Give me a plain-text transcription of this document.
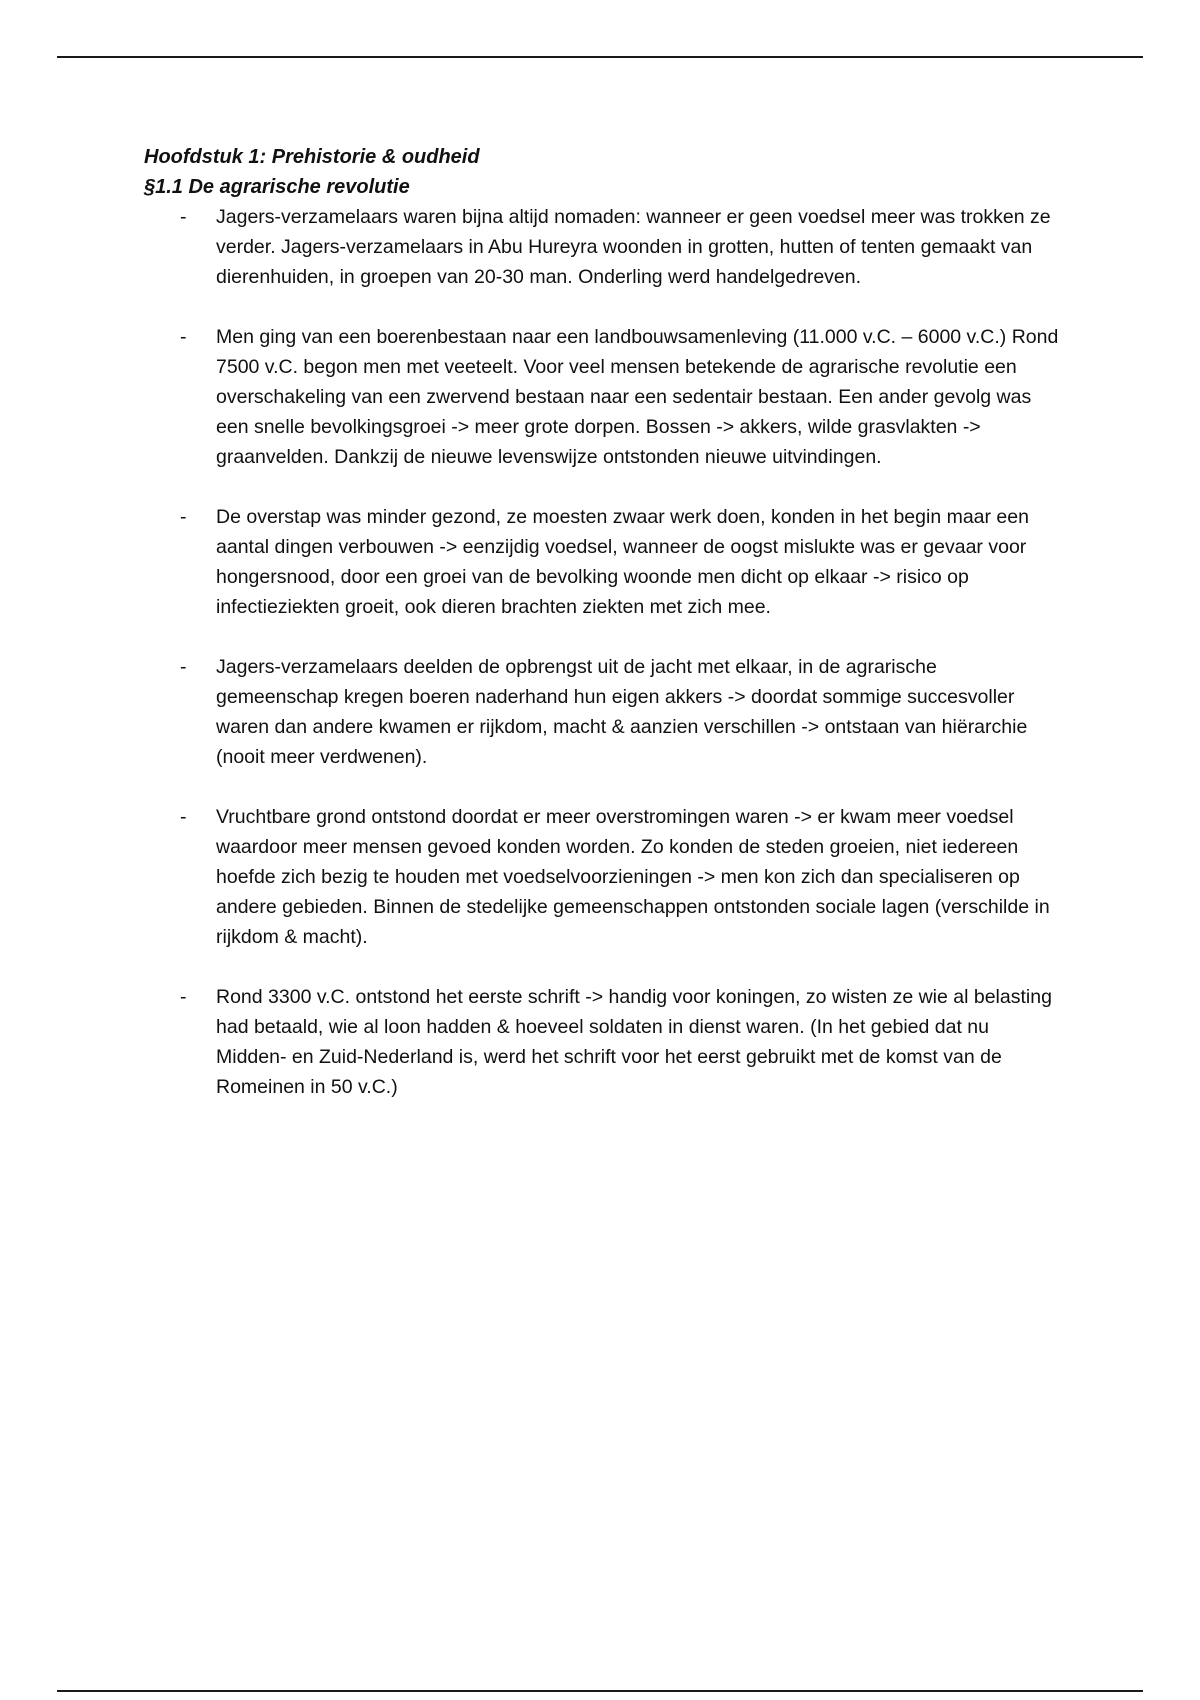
Hoofdstuk 1: Prehistorie & oudheid

§1.1 De agrarische revolutie

- Jagers-verzamelaars waren bijna altijd nomaden: wanneer er geen voedsel meer was trokken ze verder. Jagers-verzamelaars in Abu Hureyra woonden in grotten, hutten of tenten gemaakt van dierenhuiden, in groepen van 20-30 man. Onderling werd handelgedreven.
- Men ging van een boerenbestaan naar een landbouwsamenleving (11.000 v.C. – 6000 v.C.) Rond 7500 v.C. begon men met veeteelt. Voor veel mensen betekende de agrarische revolutie een overschakeling van een zwervend bestaan naar een sedentair bestaan. Een ander gevolg was een snelle bevolkingsgroei -> meer grote dorpen. Bossen -> akkers, wilde grasvlakten -> graanvelden. Dankzij de nieuwe levenswijze ontstonden nieuwe uitvindingen.
- De overstap was minder gezond, ze moesten zwaar werk doen, konden in het begin maar een aantal dingen verbouwen -> eenzijdig voedsel, wanneer de oogst mislukte was er gevaar voor hongersnood, door een groei van de bevolking woonde men dicht op elkaar -> risico op infectieziekten groeit, ook dieren brachten ziekten met zich mee.
- Jagers-verzamelaars deelden de opbrengst uit de jacht met elkaar, in de agrarische gemeenschap kregen boeren naderhand hun eigen akkers -> doordat sommige succesvoller waren dan andere kwamen er rijkdom, macht & aanzien verschillen -> ontstaan van hiërarchie (nooit meer verdwenen).
- Vruchtbare grond ontstond doordat er meer overstromingen waren -> er kwam meer voedsel waardoor meer mensen gevoed konden worden. Zo konden de steden groeien, niet iedereen hoefde zich bezig te houden met voedselvoorzieningen -> men kon zich dan specialiseren op andere gebieden. Binnen de stedelijke gemeenschappen ontstonden sociale lagen (verschilde in rijkdom & macht).
- Rond 3300 v.C. ontstond het eerste schrift -> handig voor koningen, zo wisten ze wie al belasting had betaald, wie al loon hadden & hoeveel soldaten in dienst waren. (In het gebied dat nu Midden- en Zuid-Nederland is, werd het schrift voor het eerst gebruikt met de komst van de Romeinen in 50 v.C.)
